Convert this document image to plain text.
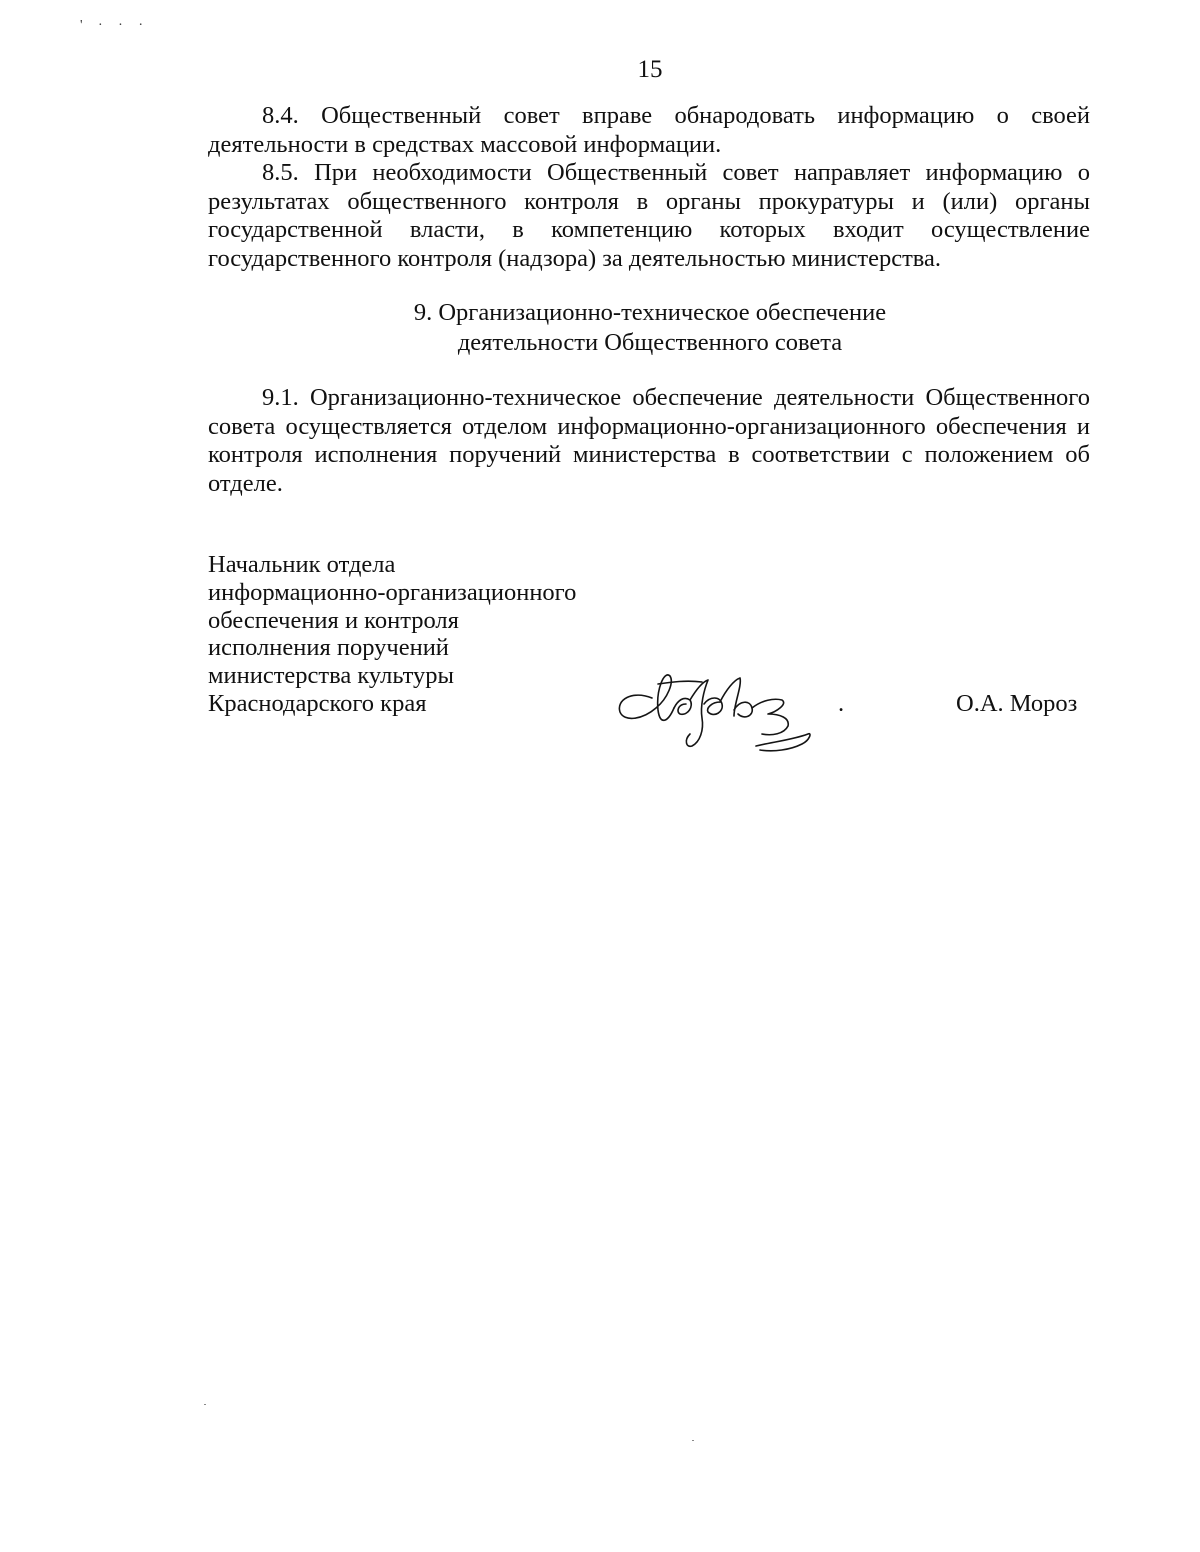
' · · ·
15

8.4. Общественный совет вправе обнародовать информацию о своей деятельности в средствах массовой информации.

8.5. При необходимости Общественный совет направляет информацию о результатах общественного контроля в органы прокуратуры и (или) органы государственной власти, в компетенцию которых входит осуществление государственного контроля (надзора) за деятельностью министерства.

9. Организационно-техническое обеспечение
деятельности Общественного совета

9.1. Организационно-техническое обеспечение деятельности Общественного совета осуществляется отделом информационно-организационного обеспечения и контроля исполнения поручений министерства в соответствии с положением об отделе.

Начальник отдела
информационно-организационного
обеспечения и контроля
исполнения поручений
министерства культуры
Краснодарского края	.	О.А. Мороз
